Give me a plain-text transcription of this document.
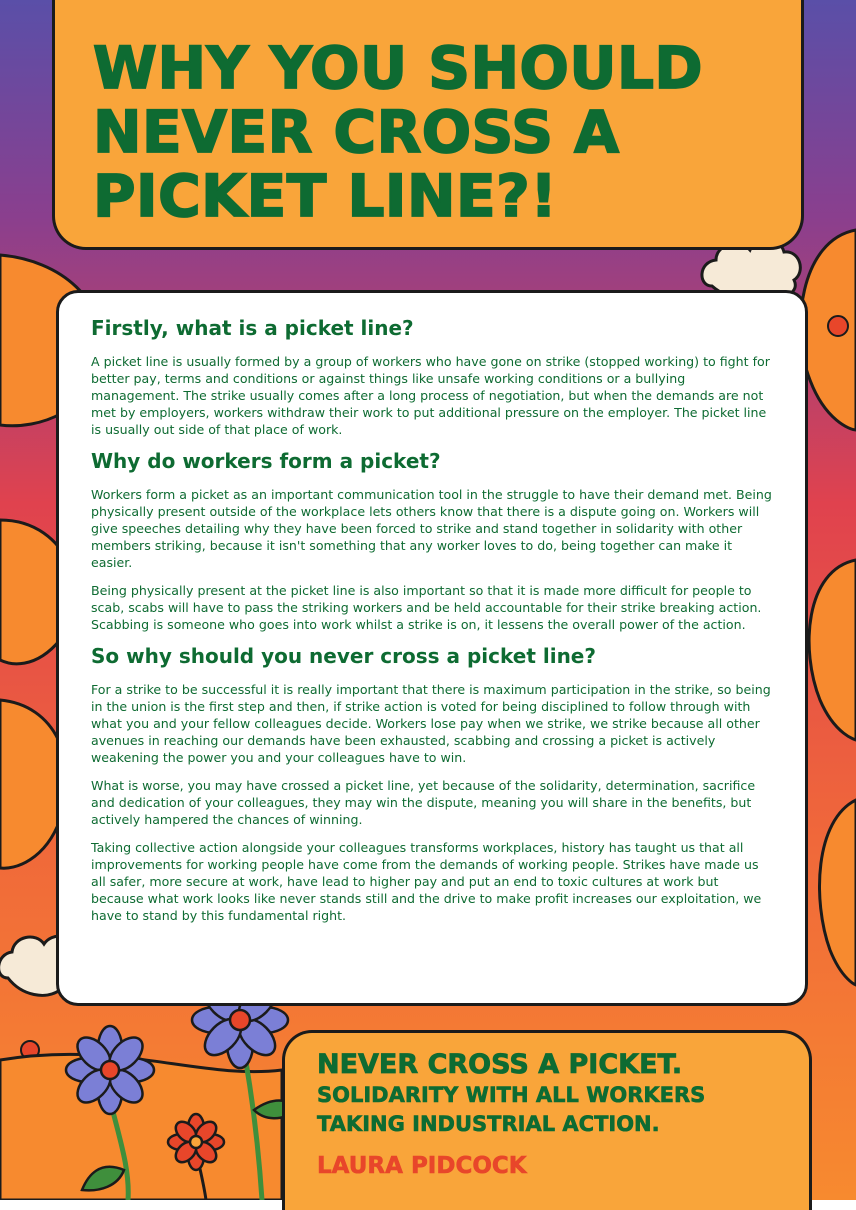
WHY YOU SHOULD NEVER CROSS A PICKET LINE?!
Firstly, what is a picket line?

A picket line is usually formed by a group of workers who have gone on strike (stopped working) to fight for better pay, terms and conditions or against things like unsafe working conditions or a bullying management. The strike usually comes after a long process of negotiation, but when the demands are not met by employers, workers withdraw their work to put additional pressure on the employer. The picket line is usually out side of that place of work.

Why do workers form a picket?

Workers form a picket as an important communication tool in the struggle to have their demand met. Being physically present outside of the workplace lets others know that there is a dispute going on. Workers will give speeches detailing why they have been forced to strike and stand together in solidarity with other members striking, because it isn't something that any worker loves to do, being together can make it easier.

Being physically present at the picket line is also important so that it is made more difficult for people to scab, scabs will have to pass the striking workers and be held accountable for their strike breaking action. Scabbing is someone who goes into work whilst a strike is on, it lessens the overall power of the action.

So why should you never cross a picket line?

For a strike to be successful it is really important that there is maximum participation in the strike, so being in the union is the first step and then, if strike action is voted for being disciplined to follow through with what you and your fellow colleagues decide. Workers lose pay when we strike, we strike because all other avenues in reaching our demands have been exhausted, scabbing and crossing a picket is actively weakening the power you and your colleagues have to win.

What is worse, you may have crossed a picket line, yet because of the solidarity, determination, sacrifice and dedication of your colleagues, they may win the dispute, meaning you will share in the benefits, but actively hampered the chances of winning.

Taking collective action alongside your colleagues transforms workplaces, history has taught us that all improvements for working people have come from the demands of working people. Strikes have made us all safer, more secure at work, have lead to higher pay and put an end to toxic cultures at work but because what work looks like never stands still and the drive to make profit increases our exploitation, we have to stand by this fundamental right.

NEVER CROSS A PICKET.
SOLIDARITY WITH ALL WORKERS
TAKING INDUSTRIAL ACTION.
LAURA PIDCOCK
